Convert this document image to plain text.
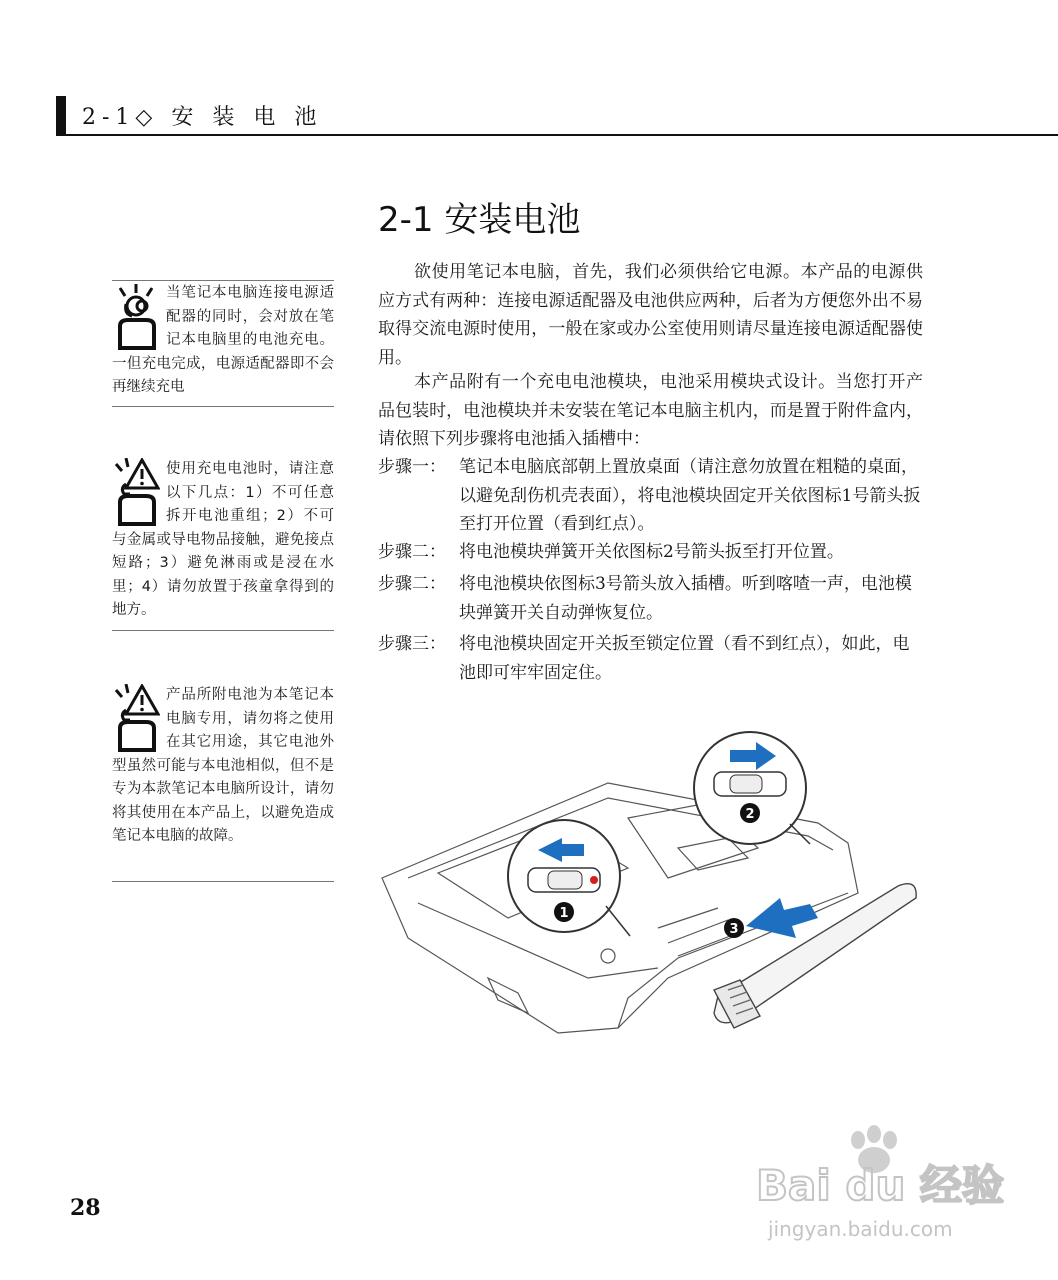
2-1◇ 安 装 电 池
2-1 安装电池

欲使用笔记本电脑，首先，我们必须供给它电源。本产品的电源供应方式有两种：连接电源适配器及电池供应两种，后者为方便您外出不易取得交流电源时使用，一般在家或办公室使用则请尽量连接电源适配器使用。

本产品附有一个充电电池模块，电池采用模块式设计。当您打开产品包装时，电池模块并未安装在笔记本电脑主机内，而是置于附件盒内，请依照下列步骤将电池插入插槽中：

步骤一： 笔记本电脑底部朝上置放桌面（请注意勿放置在粗糙的桌面，以避免刮伤机壳表面），将电池模块固定开关依图标1号箭头扳至打开位置（看到红点）。
步骤二： 将电池模块弹簧开关依图标2号箭头扳至打开位置。
步骤二： 将电池模块依图标3号箭头放入插槽。听到喀喳一声，电池模块弹簧开关自动弹恢复位。
步骤三： 将电池模块固定开关扳至锁定位置（看不到红点），如此，电池即可牢牢固定住。
当笔记本电脑连接电源适配器的同时，会对放在笔记本电脑里的电池充电。一但充电完成，电源适配器即不会再继续充电
使用充电电池时，请注意以下几点：1）不可任意拆开电池重组；2）不可与金属或导电物品接触，避免接点短路；3）避免淋雨或是浸在水里；4）请勿放置于孩童拿得到的地方。
产品所附电池为本笔记本电脑专用，请勿将之使用在其它用途，其它电池外型虽然可能与本电池相似，但不是专为本款笔记本电脑所设计，请勿将其使用在本产品上，以避免造成笔记本电脑的故障。
3
1
2
Bai du 经验
jingyan.baidu.com
28
